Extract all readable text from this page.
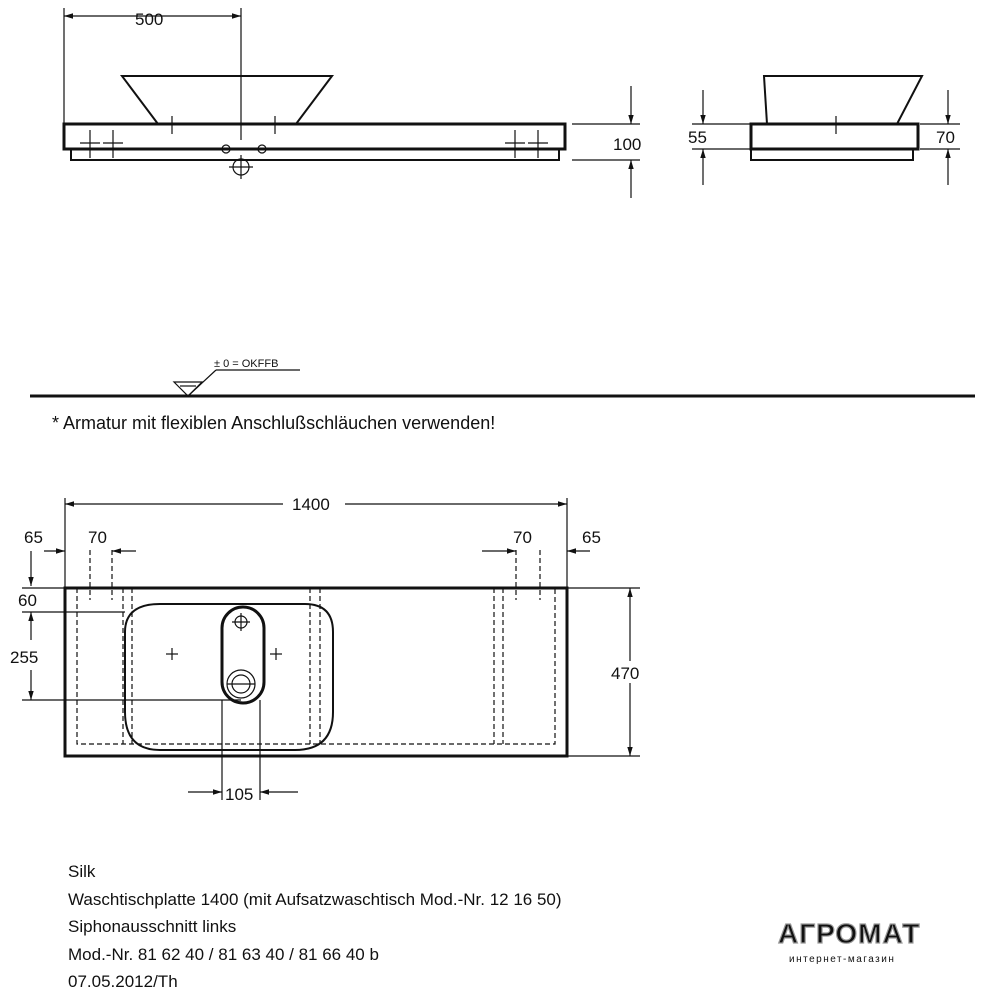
500
100	55	70
± 0 = OKFFB
* Armatur mit flexiblen Anschlußschläuchen verwenden!
1400
65	70	70	65
60
255
470
105
Silk
Waschtischplatte 1400 (mit Aufsatzwaschtisch Mod.-Nr. 12 16 50)
Siphonausschnitt links
Mod.-Nr. 81 62 40 / 81 63 40 / 81 66 40 b
07.05.2012/Th
АГРОМАТ
интернет-магазин
